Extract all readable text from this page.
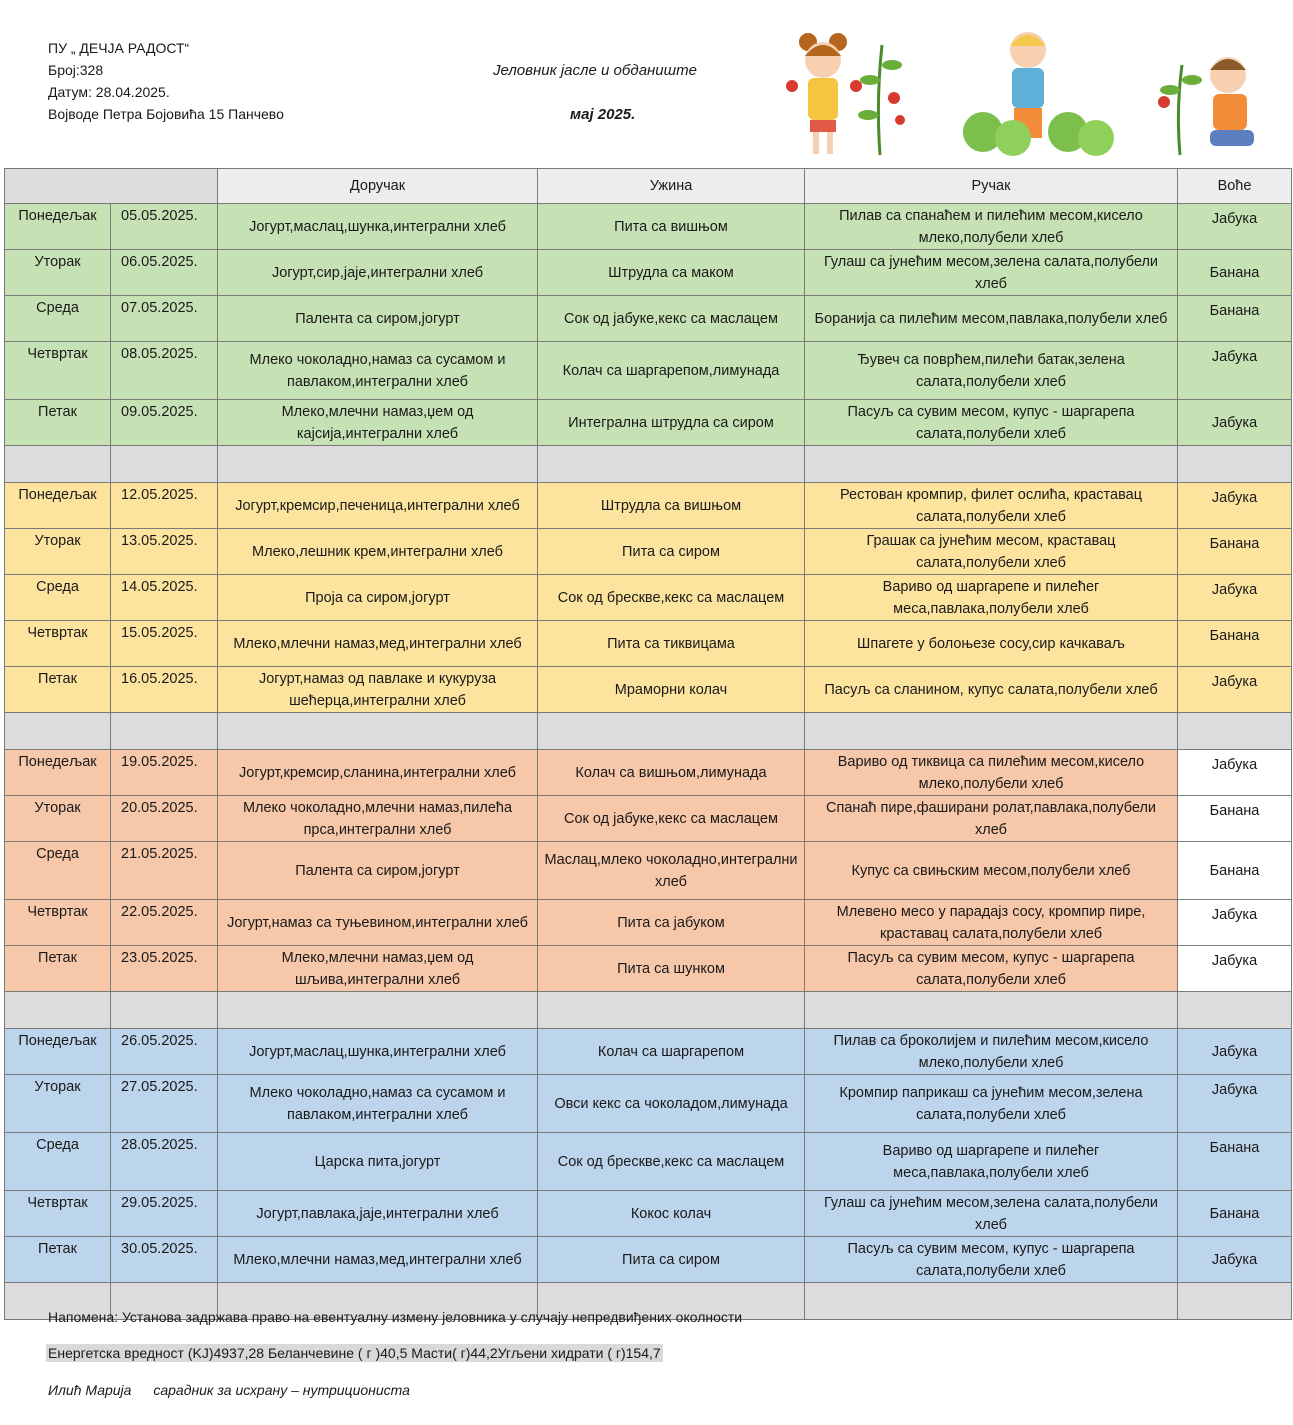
ПУ „ ДЕЧЈА РАДОСТ“
Број:328
Датум: 28.04.2025.
Војводе Петра Бојовића 15 Панчево
Јеловник јасле и обданиште
мај 2025.
		Доручак	Ужина	Ручак	Воће
Понедељак	05.05.2025.	Јогурт,маслац,шунка,интегрални хлеб	Пита са вишњом	Пилав са спанаћем и пилећим месом,кисело млеко,полубели хлеб	Јабука
Уторак	06.05.2025.	Јогурт,сир,јаје,интегрални хлеб	Штрудла са маком	Гулаш са јунећим месом,зелена салата,полубели хлеб	Банана
Среда	07.05.2025.	Палента са сиром,јогурт	Сок од јабуке,кекс са маслацем	Боранија са пилећим месом,павлака,полубели хлеб	Банана
Четвртак	08.05.2025.	Млеко чоколадно,намаз са сусамом и павлаком,интегрални хлеб	Колач са шаргарепом,лимунада	Ђувеч са поврћем,пилећи батак,зелена салата,полубели хлеб	Јабука
Петак	09.05.2025.	Млеко,млечни намаз,џем од кајсија,интегрални хлеб	Интегрална штрудла са сиром	Пасуљ са сувим месом, купус - шаргарепа салата,полубели хлеб	Јабука

Понедељак	12.05.2025.	Јогурт,кремсир,печеница,интегрални хлеб	Штрудла са вишњом	Рестован кромпир, филет ослића, краставац салата,полубели хлеб	Јабука
Уторак	13.05.2025.	Млеко,лешник крем,интегрални хлеб	Пита са сиром	Грашак са јунећим месом, краставац салата,полубели хлеб	Банана
Среда	14.05.2025.	Проја са сиром,јогурт	Сок од брескве,кекс са маслацем	Вариво од шаргарепе и пилећег меса,павлака,полубели хлеб	Јабука
Четвртак	15.05.2025.	Млеко,млечни намаз,мед,интегрални хлеб	Пита са тиквицама	Шпагете у болоњезе сосу,сир качкаваљ	Банана
Петак	16.05.2025.	Јогурт,намаз од павлаке и кукуруза шећерца,интегрални хлеб	Мраморни колач	Пасуљ са сланином, купус салата,полубели хлеб	Јабука

Понедељак	19.05.2025.	Јогурт,кремсир,сланина,интегрални хлеб	Колач са вишњом,лимунада	Вариво од тиквица са пилећим месом,кисело млеко,полубели хлеб	Јабука
Уторак	20.05.2025.	Млеко чоколадно,млечни намаз,пилећа прса,интегрални хлеб	Сок од јабуке,кекс са маслацем	Спанаћ пире,фаширани ролат,павлака,полубели хлеб	Банана
Среда	21.05.2025.	Палента са сиром,јогурт	Маслац,млеко чоколадно,интегрални хлеб	Купус са свињским месом,полубели хлеб	Банана
Четвртак	22.05.2025.	Јогурт,намаз са туњевином,интегрални хлеб	Пита са јабуком	Млевено месо у парадајз сосу, кромпир пире, краставац салата,полубели хлеб	Јабука
Петак	23.05.2025.	Млеко,млечни намаз,џем од шљива,интегрални хлеб	Пита са шунком	Пасуљ са сувим месом, купус - шаргарепа салата,полубели хлеб	Јабука

Понедељак	26.05.2025.	Јогурт,маслац,шунка,интегрални хлеб	Колач са шаргарепом	Пилав са броколијем и пилећим месом,кисело млеко,полубели хлеб	Јабука
Уторак	27.05.2025.	Млеко чоколадно,намаз са сусамом и павлаком,интегрални хлеб	Овси кекс са чоколадом,лимунада	Кромпир паприкаш са јунећим месом,зелена салата,полубели хлеб	Јабука
Среда	28.05.2025.	Царска пита,јогурт	Сок од брескве,кекс са маслацем	Вариво од шаргарепе и пилећег меса,павлака,полубели хлеб	Банана
Четвртак	29.05.2025.	Јогурт,павлака,јаје,интегрални хлеб	Кокос колач	Гулаш са јунећим месом,зелена салата,полубели хлеб	Банана
Петак	30.05.2025.	Млеко,млечни намаз,мед,интегрални хлеб	Пита са сиром	Пасуљ са сувим месом, купус - шаргарепа салата,полубели хлеб	Јабука

Напомена: Установа задржава право на евентуалну измену јеловника у случају непредвиђених околности
Енергетска вредност (KJ)4937,28 Беланчевине ( г )40,5 Масти( г)44,2Угљени хидрати ( г)154,7
Илић Марија сарадник за исхрану – нутрициониста
